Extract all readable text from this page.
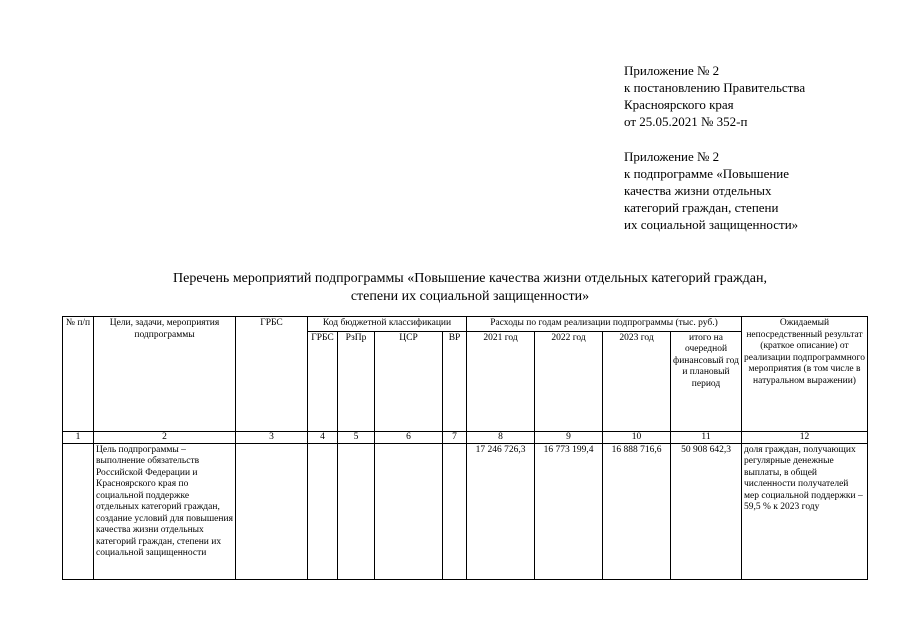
Приложение № 2
к постановлению Правительства
Красноярского края
от 25.05.2021 № 352-п
Приложение № 2
к подпрограмме «Повышение
качества жизни отдельных
категорий граждан, степени
их социальной защищенности»
Перечень мероприятий подпрограммы «Повышение качества жизни отдельных категорий граждан,
степени их социальной защищенности»
№ п/п	Цели, задачи, мероприятия подпрограммы	ГРБС	Код бюджетной классификации				Расходы по годам реализации подпрограммы (тыс. руб.)				Ожидаемый непосредственный результат (краткое описание) от реализации подпрограммного мероприятия (в том числе в натуральном выражении)
			ГРБС	РзПр	ЦСР	ВР	2021 год	2022 год	2023 год	итого на очередной финансовый год и плановый период	
1	2	3	4	5	6	7	8	9	10	11	12
	Цель подпрограммы – выполнение обязательств Российской Федерации и Красноярского края по социальной поддержке отдельных категорий граждан, создание условий для повышения качества жизни отдельных категорий граждан, степени их социальной защищенности						17 246 726,3	16 773 199,4	16 888 716,6	50 908 642,3	доля граждан, получающих регулярные денежные выплаты, в общей численности получателей мер социальной поддержки – 59,5 % к 2023 году
